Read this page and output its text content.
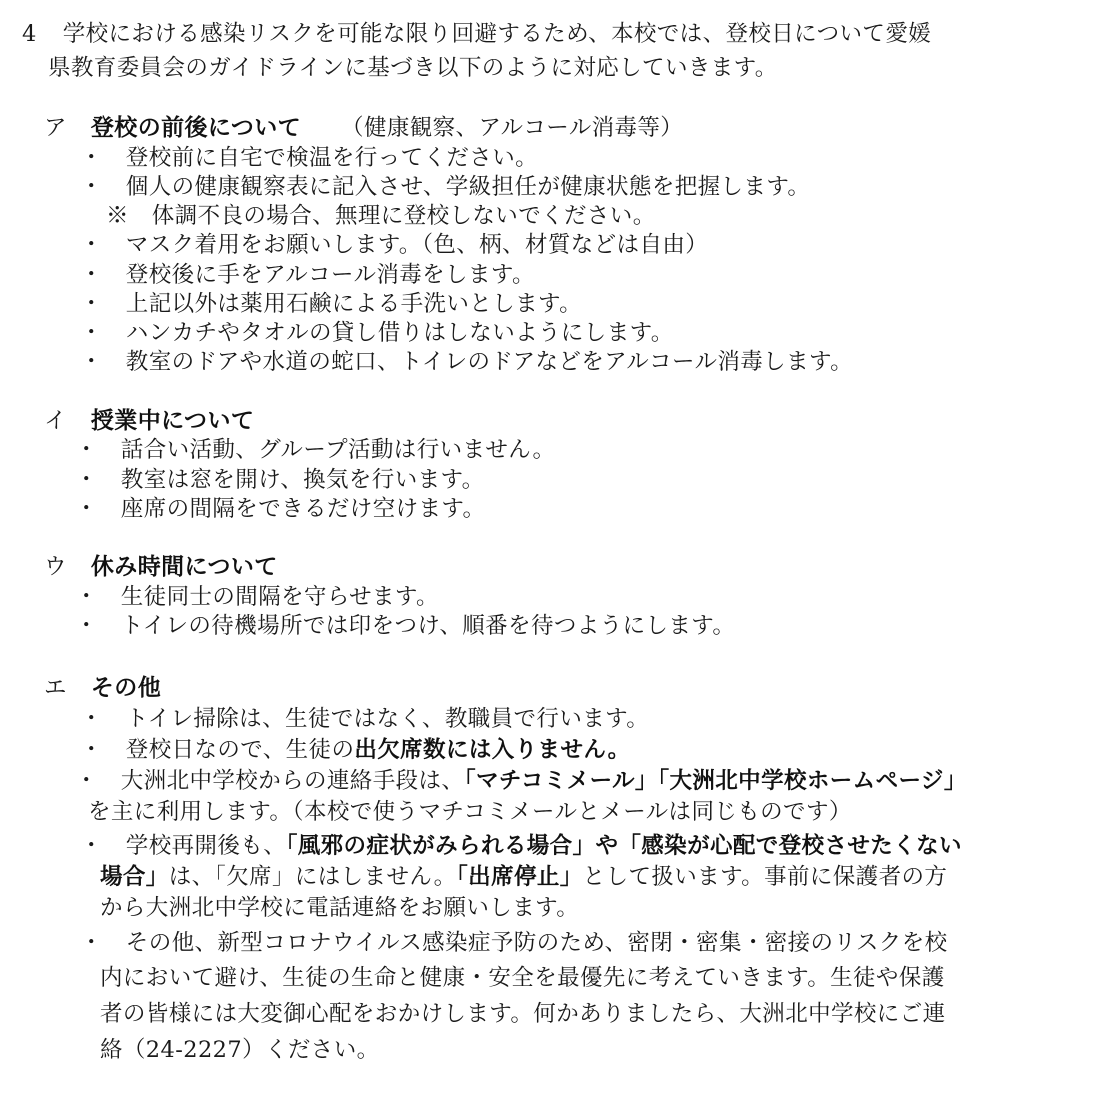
4 学校における感染リスクを可能な限り回避するため、本校では、登校日について愛媛
県教育委員会のガイドラインに基づき以下のように対応していきます。
ア 登校の前後について （健康観察、アルコール消毒等）
・　登校前に自宅で検温を行ってください。
・　個人の健康観察表に記入させ、学級担任が健康状態を把握します。
※　体調不良の場合、無理に登校しないでください。
・　マスク着用をお願いします。（色、柄、材質などは自由）
・　登校後に手をアルコール消毒をします。
・　上記以外は薬用石鹸による手洗いとします。
・　ハンカチやタオルの貸し借りはしないようにします。
・　教室のドアや水道の蛇口、トイレのドアなどをアルコール消毒します。
イ 授業中について
・　話合い活動、グループ活動は行いません。
・　教室は窓を開け、換気を行います。
・　座席の間隔をできるだけ空けます。
ウ 休み時間について
・　生徒同士の間隔を守らせます。
・　トイレの待機場所では印をつけ、順番を待つようにします。
エ その他
・　トイレ掃除は、生徒ではなく、教職員で行います。
・　登校日なので、生徒の出欠席数には入りません。
・　大洲北中学校からの連絡手段は、「マチコミメール」「大洲北中学校ホームページ」
を主に利用します。（本校で使うマチコミメールとメールは同じものです）
・　学校再開後も、「風邪の症状がみられる場合」や「感染が心配で登校させたくない
場合」は、「欠席」にはしません。「出席停止」として扱います。事前に保護者の方
から大洲北中学校に電話連絡をお願いします。
・　その他、新型コロナウイルス感染症予防のため、密閉・密集・密接のリスクを校
内において避け、生徒の生命と健康・安全を最優先に考えていきます。生徒や保護
者の皆様には大変御心配をおかけします。何かありましたら、大洲北中学校にご連
絡（24-2227）ください。
